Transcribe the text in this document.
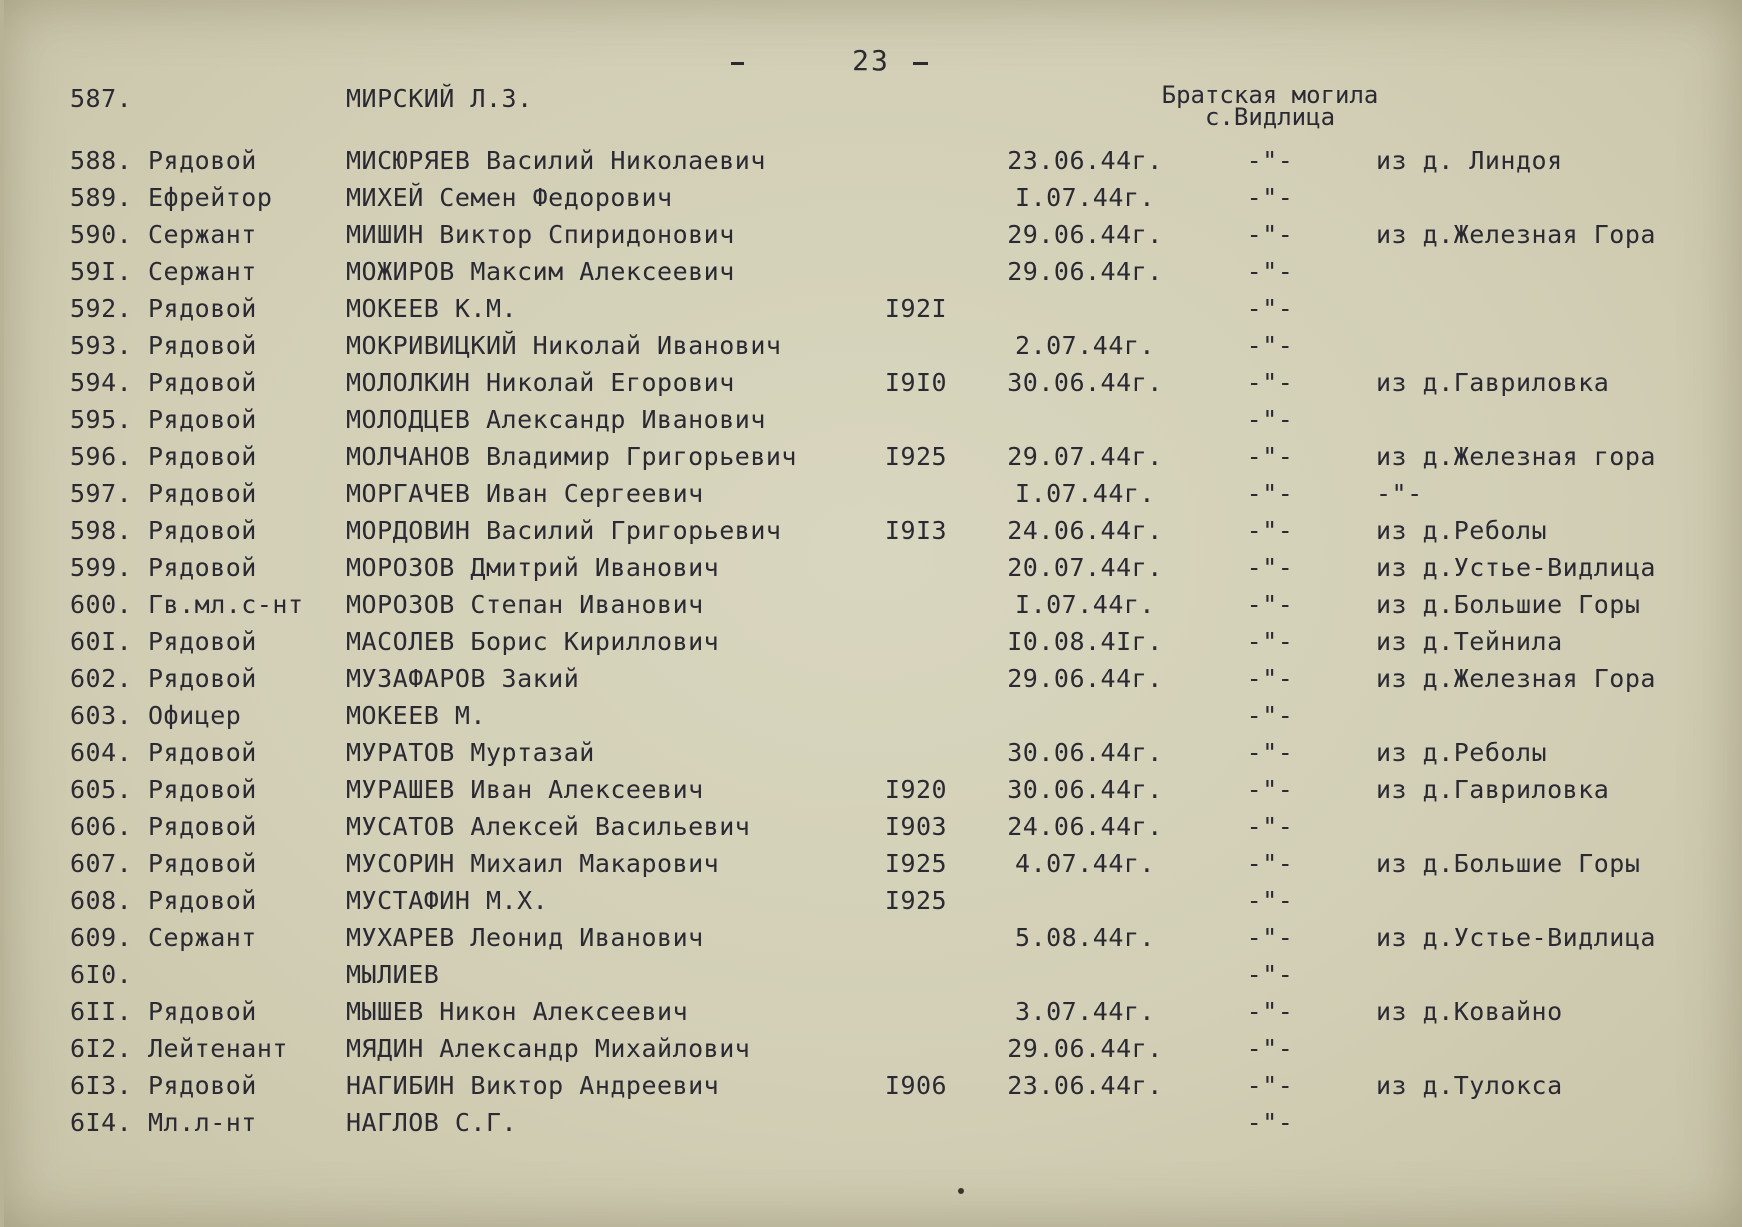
23
587.	МИРСКИЙ Л.З.	Братская могила
с.Видлица
588. Рядовой	МИСЮРЯЕВ Василий Николаевич	23.06.44г.	-"-	из д. Линдоя
589. Ефрейтор	МИХЕЙ Семен Федорович	I.07.44г.	-"-
590. Сержант	МИШИН Виктор Спиридонович	29.06.44г.	-"-	из д.Железная Гора
59I. Сержант	МОЖИРОВ Максим Алексеевич	29.06.44г.	-"-
592. Рядовой	МОКЕЕВ К.М.	I92I	-"-
593. Рядовой	МОКРИВИЦКИЙ Николай Иванович	2.07.44г.	-"-
594. Рядовой	МОЛОЛКИН Николай Егорович	I9I0	30.06.44г.	-"-	из д.Гавриловка
595. Рядовой	МОЛОДЦЕВ Александр Иванович	-"-
596. Рядовой	МОЛЧАНОВ Владимир Григорьевич	I925	29.07.44г.	-"-	из д.Железная гора
597. Рядовой	МОРГАЧЕВ Иван Сергеевич	I.07.44г.	-"-	-"-
598. Рядовой	МОРДОВИН Василий Григорьевич	I9I3	24.06.44г.	-"-	из д.Реболы
599. Рядовой	МОРОЗОВ Дмитрий Иванович	20.07.44г.	-"-	из д.Устье-Видлица
600. Гв.мл.с-нт	МОРОЗОВ Степан Иванович	I.07.44г.	-"-	из д.Большие Горы
60I. Рядовой	МАСОЛЕВ Борис Кириллович	I0.08.4Iг.	-"-	из д.Тейнила
602. Рядовой	МУЗАФАРОВ Закий	29.06.44г.	-"-	из д.Железная Гора
603. Офицер	МОКЕЕВ М.	-"-
604. Рядовой	МУРАТОВ Муртазай	30.06.44г.	-"-	из д.Реболы
605. Рядовой	МУРАШЕВ Иван Алексеевич	I920	30.06.44г.	-"-	из д.Гавриловка
606. Рядовой	МУСАТОВ Алексей Васильевич	I903	24.06.44г.	-"-
607. Рядовой	МУСОРИН Михаил Макарович	I925	4.07.44г.	-"-	из д.Большие Горы
608. Рядовой	МУСТАФИН М.Х.	I925	-"-
609. Сержант	МУХАРЕВ Леонид Иванович	5.08.44г.	-"-	из д.Устье-Видлица
6I0.	МЫЛИЕВ	-"-
6II. Рядовой	МЫШЕВ Никон Алексеевич	3.07.44г.	-"-	из д.Ковайно
6I2. Лейтенант	МЯДИН Александр Михайлович	29.06.44г.	-"-
6I3. Рядовой	НАГИБИН Виктор Андреевич	I906	23.06.44г.	-"-	из д.Тулокса
6I4. Мл.л-нт	НАГЛОВ С.Г.	-"-
